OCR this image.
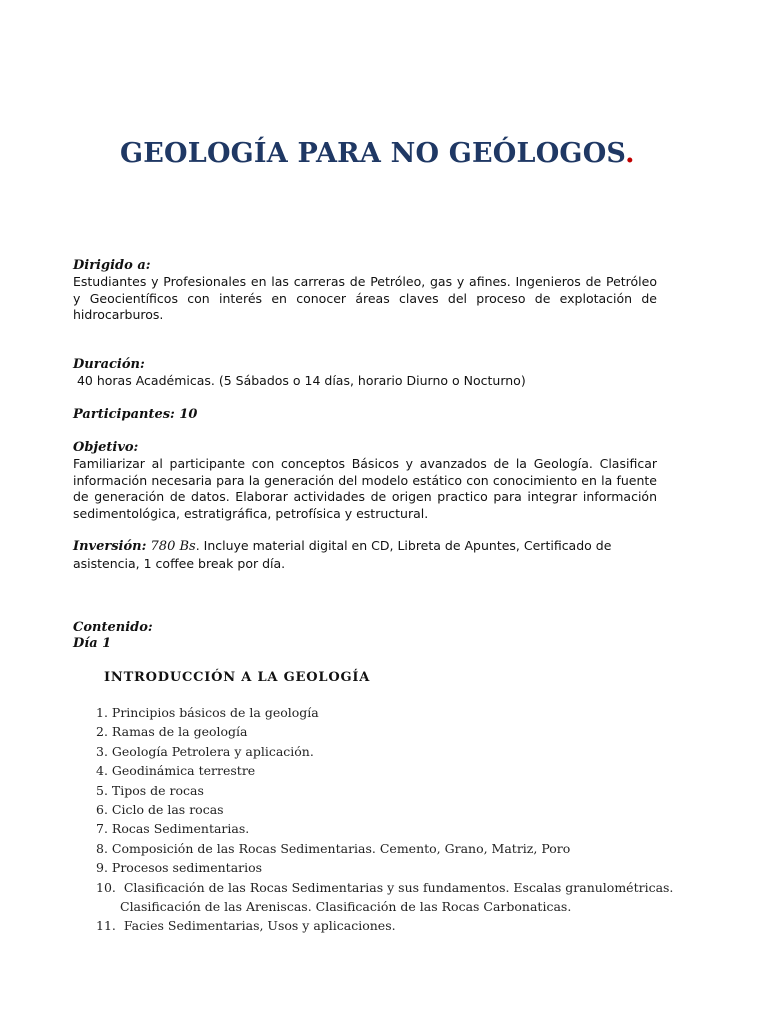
GEOLOGÍA PARA NO GEÓLOGOS.
Dirigido a:
Estudiantes y Profesionales en las carreras de Petróleo, gas y afines. Ingenieros de Petróleo y Geocientíficos con interés en conocer áreas claves del proceso de explotación de hidrocarburos.
Duración:
40 horas Académicas. (5 Sábados o 14 días, horario Diurno o Nocturno)
Participantes: 10
Objetivo:
Familiarizar al participante con conceptos Básicos y avanzados de la Geología. Clasificar información necesaria para la generación del modelo estático con conocimiento en la fuente de generación de datos. Elaborar actividades de origen practico para integrar información sedimentológica, estratigráfica, petrofísica y estructural.
Inversión: 780 Bs. Incluye material digital en CD, Libreta de Apuntes, Certificado de asistencia, 1 coffee break por día.
Contenido:
Día 1
INTRODUCCIÓN A LA GEOLOGÍA
1. Principios básicos de la geología
2. Ramas de la geología
3. Geología Petrolera y aplicación.
4. Geodinámica terrestre
5. Tipos de rocas
6. Ciclo de las rocas
7. Rocas Sedimentarias.
8. Composición de las Rocas Sedimentarias. Cemento, Grano, Matriz, Poro
9. Procesos sedimentarios
10. Clasificación de las Rocas Sedimentarias y sus fundamentos. Escalas granulométricas.
Clasificación de las Areniscas. Clasificación de las Rocas Carbonaticas.
11. Facies Sedimentarias, Usos y aplicaciones.
